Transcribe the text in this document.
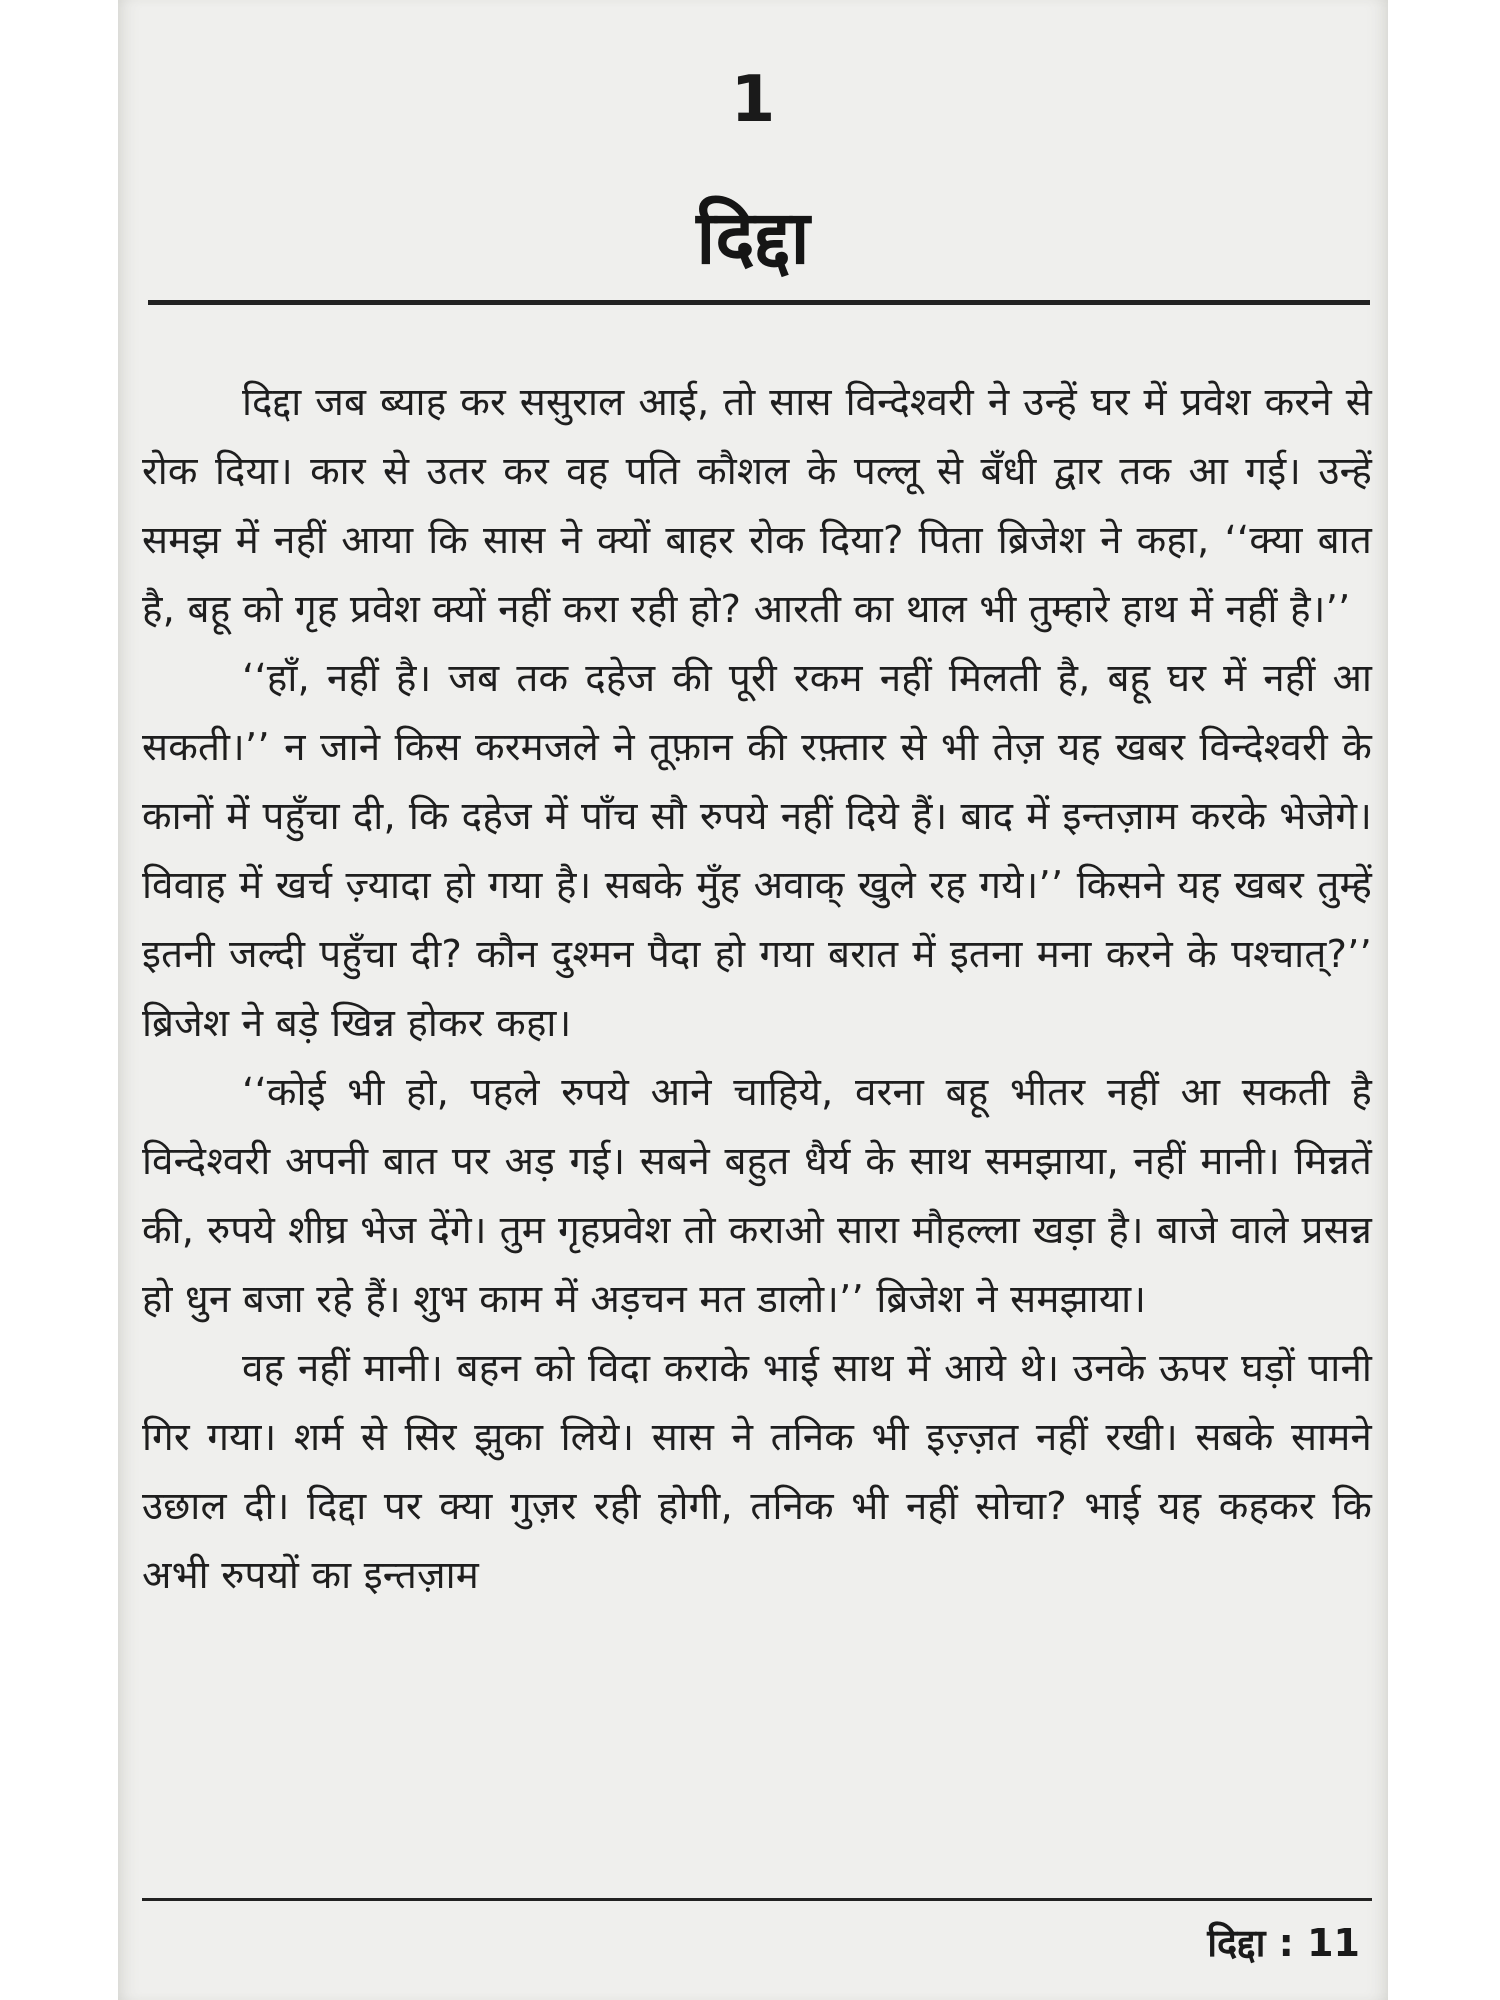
1
दिद्दा

दिद्दा जब ब्याह कर ससुराल आई, तो सास विन्देश्वरी ने उन्हें घर में प्रवेश करने से रोक दिया। कार से उतर कर वह पति कौशल के पल्लू से बँधी द्वार तक आ गई। उन्हें समझ में नहीं आया कि सास ने क्यों बाहर रोक दिया? पिता ब्रिजेश ने कहा, ‘‘क्या बात है, बहू को गृह प्रवेश क्यों नहीं करा रही हो? आरती का थाल भी तुम्हारे हाथ में नहीं है।’’

‘‘हाँ, नहीं है। जब तक दहेज की पूरी रकम नहीं मिलती है, बहू घर में नहीं आ सकती।’’ न जाने किस करमजले ने तूफ़ान की रफ़्तार से भी तेज़ यह खबर विन्देश्वरी के कानों में पहुँचा दी, कि दहेज में पाँच सौ रुपये नहीं दिये हैं। बाद में इन्तज़ाम करके भेजेगे। विवाह में खर्च ज़्यादा हो गया है। सबके मुँह अवाक् खुले रह गये।’’ किसने यह खबर तुम्हें इतनी जल्दी पहुँचा दी? कौन दुश्मन पैदा हो गया बरात में इतना मना करने के पश्चात्?’’ ब्रिजेश ने बड़े खिन्न होकर कहा।

‘‘कोई भी हो, पहले रुपये आने चाहिये, वरना बहू भीतर नहीं आ सकती है विन्देश्वरी अपनी बात पर अड़ गई। सबने बहुत धैर्य के साथ समझाया, नहीं मानी। मिन्नतें की, रुपये शीघ्र भेज देंगे। तुम गृहप्रवेश तो कराओ सारा मौहल्ला खड़ा है। बाजे वाले प्रसन्न हो धुन बजा रहे हैं। शुभ काम में अड़चन मत डालो।’’ ब्रिजेश ने समझाया।

वह नहीं मानी। बहन को विदा कराके भाई साथ में आये थे। उनके ऊपर घड़ों पानी गिर गया। शर्म से सिर झुका लिये। सास ने तनिक भी इज़्ज़त नहीं रखी। सबके सामने उछाल दी। दिद्दा पर क्या गुज़र रही होगी, तनिक भी नहीं सोचा? भाई यह कहकर कि अभी रुपयों का इन्तज़ाम

दिद्दा : 11
